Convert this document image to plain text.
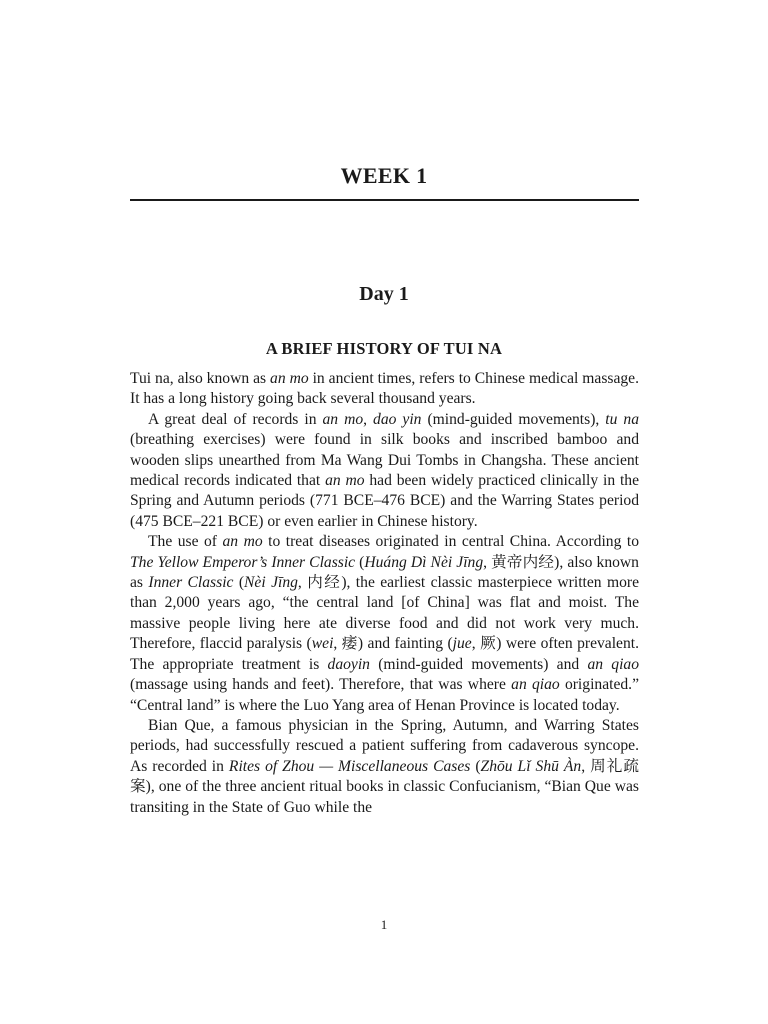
WEEK 1
Day 1
A BRIEF HISTORY OF TUI NA

Tui na, also known as an mo in ancient times, refers to Chinese medical massage. It has a long history going back several thousand years.

A great deal of records in an mo, dao yin (mind-guided movements), tu na (breathing exercises) were found in silk books and inscribed bamboo and wooden slips unearthed from Ma Wang Dui Tombs in Changsha. These ancient medical records indicated that an mo had been widely practiced clinically in the Spring and Autumn periods (771 BCE–476 BCE) and the Warring States period (475 BCE–221 BCE) or even earlier in Chinese history.

The use of an mo to treat diseases originated in central China. According to The Yellow Emperor’s Inner Classic (Huáng Dì Nèi Jīng, 黄帝内经), also known as Inner Classic (Nèi Jīng, 内经), the earliest classic masterpiece written more than 2,000 years ago, “the central land [of China] was flat and moist. The massive people living here ate diverse food and did not work very much. Therefore, flaccid paralysis (wei, 痿) and fainting (jue, 厥) were often prevalent. The appropriate treatment is daoyin (mind-guided movements) and an qiao (massage using hands and feet). Therefore, that was where an qiao originated.” “Central land” is where the Luo Yang area of Henan Province is located today.

Bian Que, a famous physician in the Spring, Autumn, and Warring States periods, had successfully rescued a patient suffering from cadaverous syncope. As recorded in Rites of Zhou — Miscellaneous Cases (Zhōu Lǐ Shū Àn, 周礼疏案), one of the three ancient ritual books in classic Confucianism, “Bian Que was transiting in the State of Guo while the

1
